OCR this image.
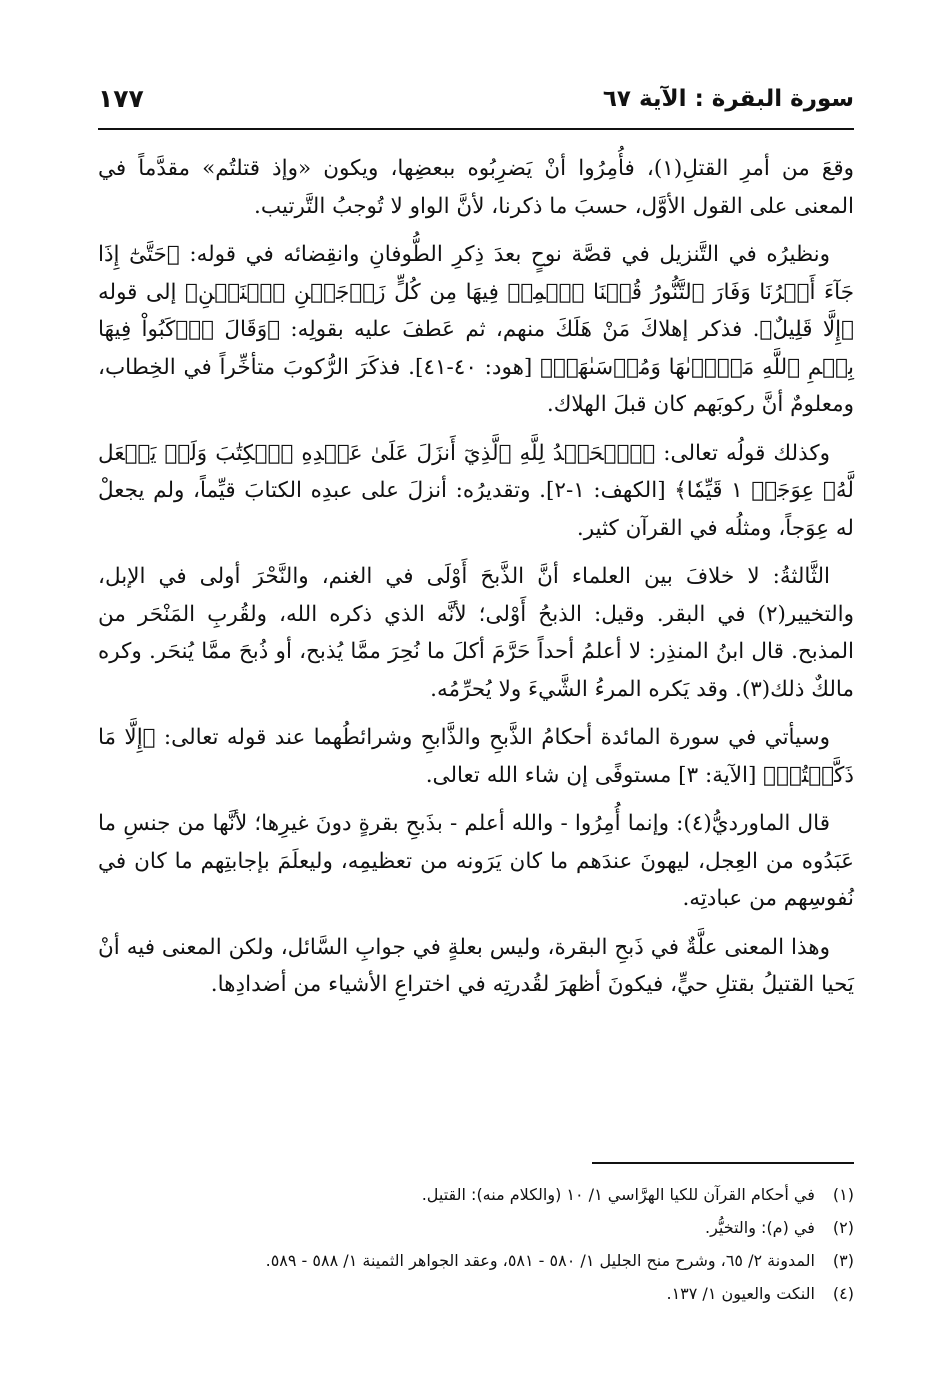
سورة البقرة : الآية ٦٧
١٧٧

وقعَ من أمرِ القتلِ(١)، فأُمِرُوا أنْ يَضرِبُوه ببعضِها، ويكون «وإذ قتلتُم» مقدَّماً في المعنى على القول الأوَّل، حسبَ ما ذكرنا، لأنَّ الواو لا تُوجبُ التَّرتيب.

ونظيرُه في التَّنزيل في قصَّة نوحٍ بعدَ ذِكرِ الطُّوفانِ وانقِضائه في قوله: ﴿حَتَّىٰٓ إِذَا جَآءَ أَمۡرُنَا وَفَارَ ٱلتَّنُّورُ قُلۡنَا ٱحۡمِلۡ فِيهَا مِن كُلٍّ زَوۡجَيۡنِ ٱثۡنَيۡنِ﴾ إلى قوله ﴿إِلَّا قَلِيلٌ﴾. فذكر إهلاكَ مَنْ هَلَكَ منهم، ثم عَطفَ عليه بقولِه: ﴿وَقَالَ ٱرۡكَبُواْ فِيهَا بِسۡمِ ٱللَّهِ مَجۡرٜىٰهَا وَمُرۡسَىٰهَآۚ﴾ [هود: ٤٠-٤١]. فذكَرَ الرُّكوبَ متأخِّراً في الخِطاب، ومعلومٌ أنَّ ركوبَهم كان قبلَ الهلاك.

وكذلك قولُه تعالى: ﴿ٱلۡحَمۡدُ لِلَّهِ ٱلَّذِيٓ أَنزَلَ عَلَىٰ عَبۡدِهِ ٱلۡكِتَٰبَ وَلَمۡ يَجۡعَل لَّهُۥ عِوَجَاۜ ١ قَيِّمٗا﴾ [الكهف: ١-٢]. وتقديرُه: أنزلَ على عبدِه الكتابَ قيِّماً، ولم يجعلْ له عِوَجاً، ومثلُه في القرآن كثير.

الثَّالثةُ: لا خلافَ بين العلماء أنَّ الذَّبحَ أَوْلَى في الغنم، والنَّحْرَ أولى في الإبل، والتخيير(٢) في البقر. وقيل: الذبحُ أَوْلى؛ لأنَّه الذي ذكره الله، ولقُربِ المَنْحَر من المذبح. قال ابنُ المنذِر: لا أعلمُ أحداً حَرَّمَ أكلَ ما نُحِرَ ممَّا يُذبح، أو ذُبحَ ممَّا يُنحَر. وكره مالكٌ ذلك(٣). وقد يَكره المرءُ الشَّيءَ ولا يُحرِّمُه.

وسيأتي في سورة المائدة أحكامُ الذَّبحِ والذَّابحِ وشرائطُهما عند قوله تعالى: ﴿إِلَّا مَا ذَكَّيۡتُمۡ﴾ [الآية: ٣] مستوفًى إن شاء الله تعالى.

قال الماورديُّ(٤): وإنما أُمِرُوا - والله أعلم - بذَبحِ بقرةٍ دونَ غيرِها؛ لأنَّها من جنسِ ما عَبَدُوه من العِجل، ليهونَ عندَهم ما كان يَرَونه من تعظيمِه، وليعلَمَ بإجابتِهم ما كان في نُفوسِهم من عبادتِه.

وهذا المعنى علَّةٌ في ذَبحِ البقرة، وليس بعلةٍ في جوابِ السَّائل، ولكن المعنى فيه أنْ يَحيا القتيلُ بقتلِ حيٍّ، فيكونَ أظهرَ لقُدرتِه في اختراعِ الأشياء من أضدادِها.

(١) في أحكام القرآن للكيا الهرَّاسي ١/ ١٠ (والكلام منه): القتيل.

(٢) في (م): والتخيُّر.

(٣) المدونة ٢/ ٦٥، وشرح منح الجليل ١/ ٥٨٠ - ٥٨١، وعقد الجواهر الثمينة ١/ ٥٨٨ - ٥٨٩.

(٤) النكت والعيون ١/ ١٣٧.
